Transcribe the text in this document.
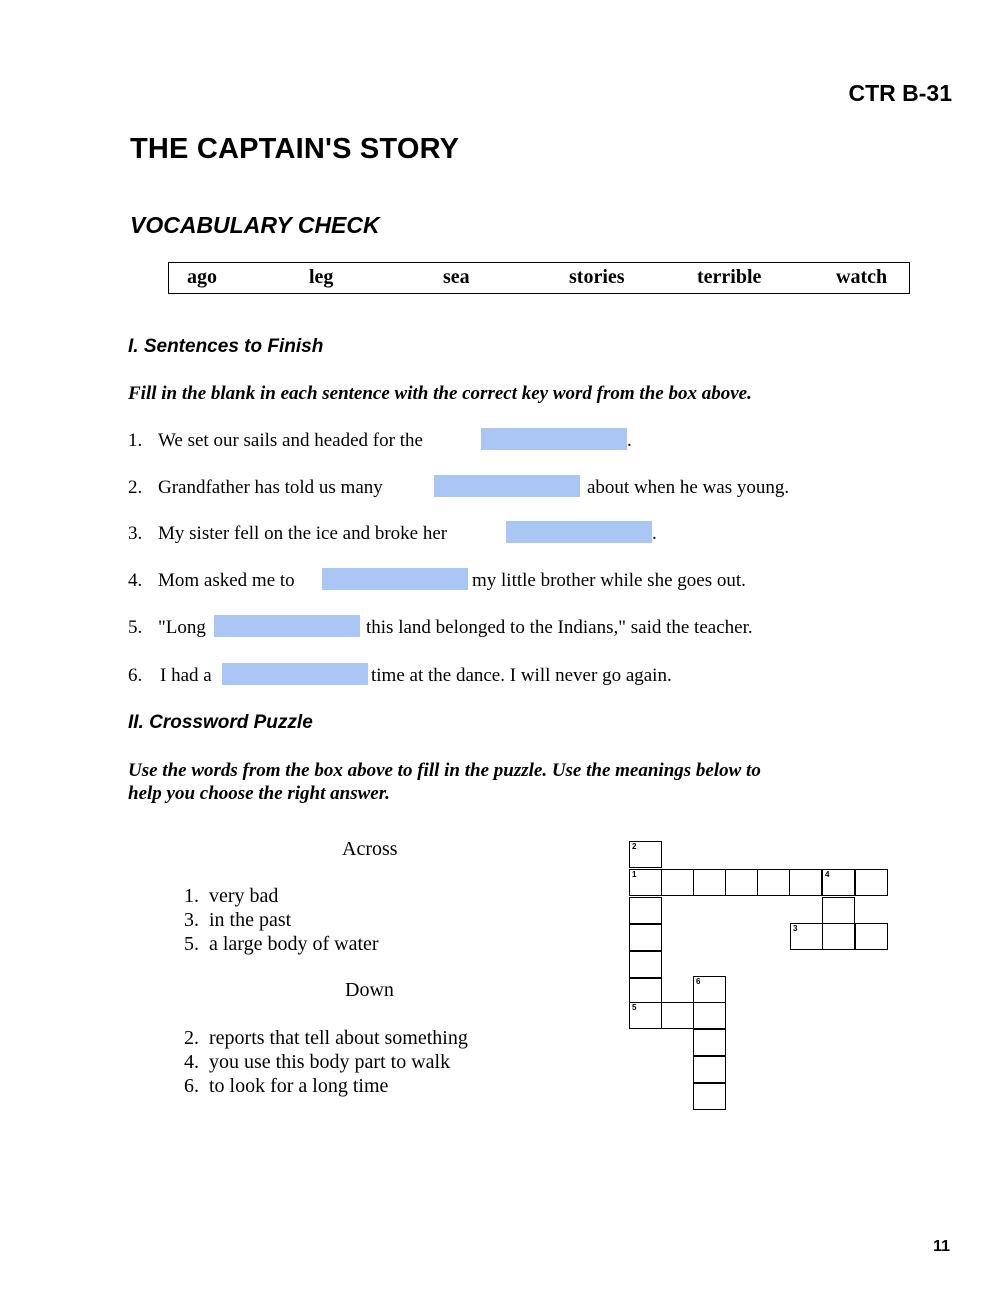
CTR B-31
THE CAPTAIN'S STORY
VOCABULARY CHECK
ago	leg	sea	stories	terrible	watch
I. Sentences to Finish
Fill in the blank in each sentence with the correct key word from the box above.
1. We set our sails and headed for the	.
2. Grandfather has told us many	about when he was young.
3. My sister fell on the ice and broke her	.
4. Mom asked me to	my little brother while she goes out.
5. "Long	this land belonged to the Indians," said the teacher.
6. I had a	time at the dance. I will never go again.
II. Crossword Puzzle
Use the words from the box above to fill in the puzzle. Use the meanings below to
help you choose the right answer.
Across
1. very bad
3. in the past
5. a large body of water
Down
2. reports that tell about something
4. you use this body part to walk
6. to look for a long time
2
1
5
4
3
6
11
